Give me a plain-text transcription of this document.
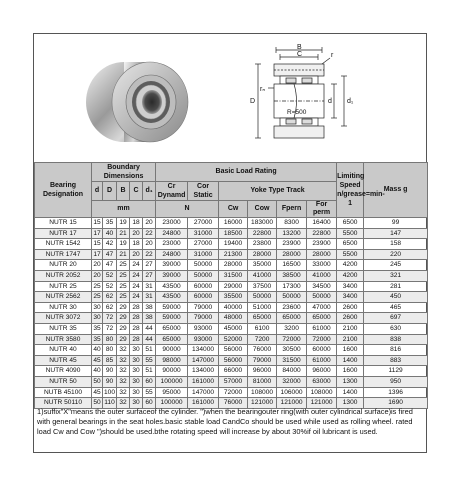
B
C	r
rₙ
D	d d₁
R=500
Bearing Designation	Boundary Dimensions					Basic Load Rating						Limiting Speed n/grease=min-1	Mass g
	d	D	B	C	d₁	Cr Dynamd	Cor Static	Yoke Type Track					
	mm					N		Cw	Cow	Fpern	For perm		
NUTR 15	15	35	19	18	20	23000	27000	16000	183000	8300	16400	6500	99
NUTR 17	17	40	21	20	22	24800	31000	18500	22800	13200	22800	5500	147
NUTR 1542	15	42	19	18	20	23000	27000	19400	23800	23900	23900	6500	158
NUTR 1747	17	47	21	20	22	24800	31000	21300	28000	28000	28000	5500	220
NUTR 20	20	47	25	24	27	39000	50000	28000	35000	16500	33000	4200	245
NUTR 2052	20	52	25	24	27	39000	50000	31500	41000	38500	41000	4200	321
NUTR 25	25	52	25	24	31	43500	60000	29000	37500	17300	34500	3400	281
NUTR 2562	25	62	25	24	31	43500	60000	35500	50000	50000	50000	3400	450
NUTR 30	30	62	29	28	38	59000	79000	40000	51000	23600	47000	2600	465
NUTR 3072	30	72	29	28	38	59000	79000	48000	65000	65000	65000	2600	697
NUTR 35	35	72	29	28	44	65000	93000	45000	6100	3200	61000	2100	630
NUTR 3580	35	80	29	28	44	65000	93000	52000	7200	72000	72000	2100	838
NUTR 40	40	80	32	30	51	90000	134000	56000	76000	30500	60000	1600	816
NUTR 45	45	85	32	30	55	98000	147000	56000	79000	31500	61000	1400	883
NUTR 4090	40	90	32	30	51	90000	134000	66000	96000	84000	96000	1600	1129
NUTR 50	50	90	32	30	60	100000	161000	57000	81000	32000	63000	1300	950
NUTB 45100	45	100	32	30	55	95000	147000	72000	108000	106000	108000	1400	1396
NUTR 50110	50	110	32	30	60	100000	161000	76000	121000	121000	121000	1300	1690

1)suffix"X"means the outer surfaceof the cylinder. ")when the bearingouter ring(with outer cylindrical surface)is fired with general bearings in the seat holes.basic stable load CandCo should be used while used as rolling wheel. rated load Cw and Cow ")should be used.bthe rotating speed will increase by about 30%if oil lubricant is used.
